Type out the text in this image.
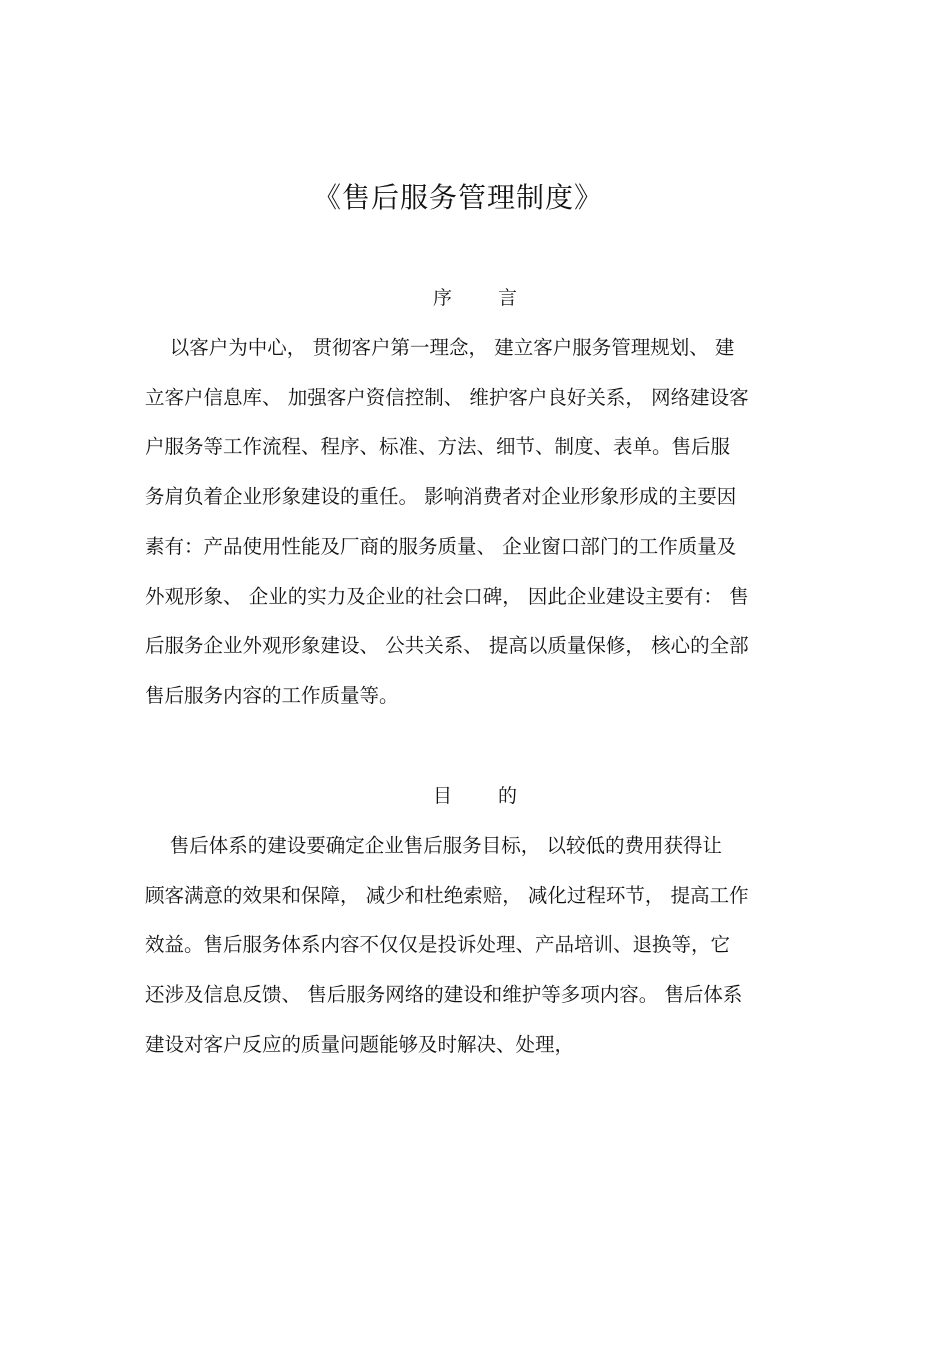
《售后服务管理制度》
序 言
以客户为中心， 贯彻客户第一理念， 建立客户服务管理规划、 建
立客户信息库、 加强客户资信控制、 维护客户良好关系， 网络建设客
户服务等工作流程、程序、标准、方法、细节、制度、表单。售后服
务肩负着企业形象建设的重任。 影响消费者对企业形象形成的主要因
素有：产品使用性能及厂商的服务质量、 企业窗口部门的工作质量及
外观形象、 企业的实力及企业的社会口碑， 因此企业建设主要有： 售
后服务企业外观形象建设、 公共关系、 提高以质量保修， 核心的全部
售后服务内容的工作质量等。
目 的
售后体系的建设要确定企业售后服务目标， 以较低的费用获得让
顾客满意的效果和保障， 减少和杜绝索赔， 减化过程环节， 提高工作
效益。售后服务体系内容不仅仅是投诉处理、产品培训、退换等，它
还涉及信息反馈、 售后服务网络的建设和维护等多项内容。 售后体系
建设对客户反应的质量问题能够及时解决、处理，
